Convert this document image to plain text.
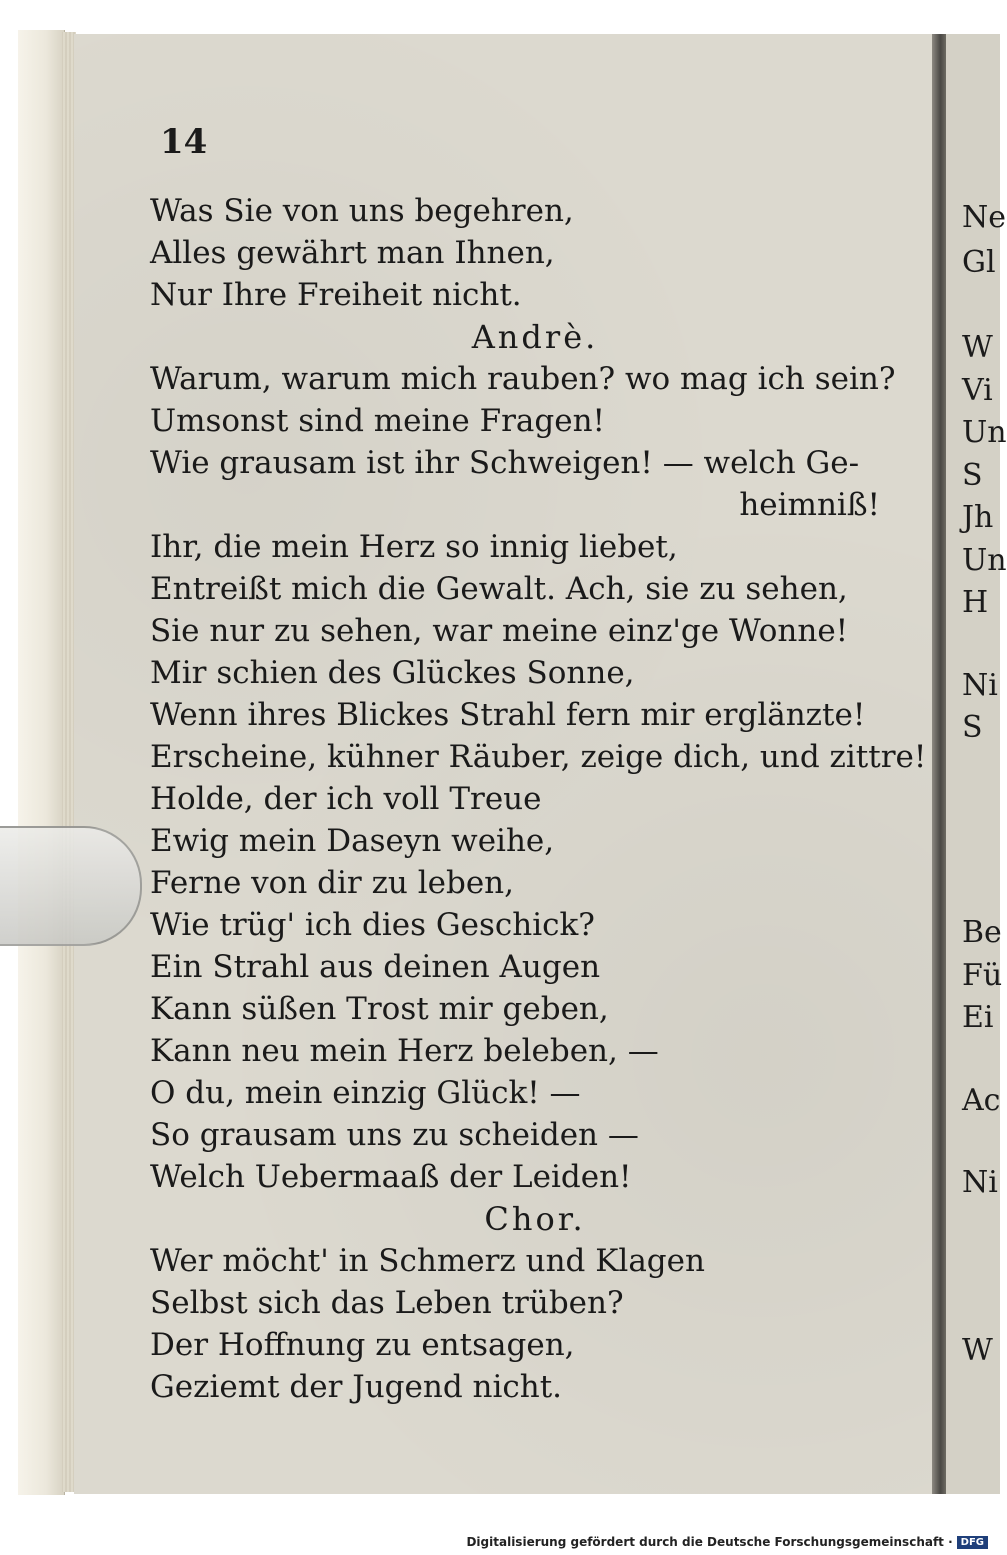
Ne
Gl
W
Vi
Un
S
Jh
Un
H
Ni
S
Be
Fü
Ei
Ac
Ni
W
14

Was Sie von uns begehren,

Alles gewährt man Ihnen,

Nur Ihre Freiheit nicht.

Andrè.

Warum, warum mich rauben? wo mag ich sein?

Umsonst sind meine Fragen!

Wie grausam ist ihr Schweigen! — welch Ge-

heimniß!

Ihr, die mein Herz so innig liebet,

Entreißt mich die Gewalt. Ach, sie zu sehen,

Sie nur zu sehen, war meine einz'ge Wonne!

Mir schien des Glückes Sonne,

Wenn ihres Blickes Strahl fern mir erglänzte!

Erscheine, kühner Räuber, zeige dich, und zittre!

Holde, der ich voll Treue

Ewig mein Daseyn weihe,

Ferne von dir zu leben,

Wie trüg' ich dies Geschick?

Ein Strahl aus deinen Augen

Kann süßen Trost mir geben,

Kann neu mein Herz beleben, —

O du, mein einzig Glück! —

So grausam uns zu scheiden —

Welch Uebermaaß der Leiden!

Chor.

Wer möcht' in Schmerz und Klagen

Selbst sich das Leben trüben?

Der Hoffnung zu entsagen,

Geziemt der Jugend nicht.

Digitalisierung gefördert durch die Deutsche Forschungsgemeinschaft · DFG
